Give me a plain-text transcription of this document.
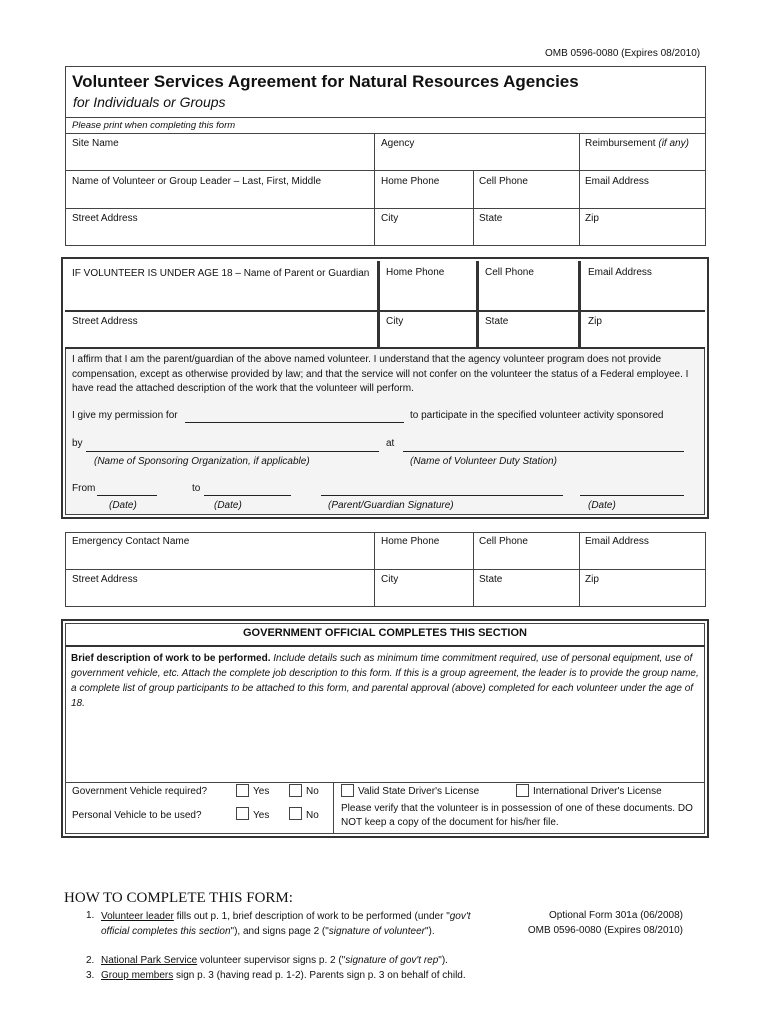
OMB 0596-0080 (Expires 08/2010)
Volunteer Services Agreement for Natural Resources Agencies
for Individuals or Groups
Please print when completing this form
Site Name	Agency	Reimbursement (if any)
Name of Volunteer or Group Leader – Last, First, Middle	Home Phone	Cell Phone	Email Address
Street Address	City	State	Zip
IF VOLUNTEER IS UNDER AGE 18 – Name of Parent or Guardian Home Phone	Cell Phone	Email Address
Street Address	City	State	Zip
I affirm that I am the parent/guardian of the above named volunteer. I understand that the agency volunteer program does not provide compensation, except as otherwise provided by law; and that the service will not confer on the volunteer the status of a Federal employee. I have read the attached description of the work that the volunteer will perform.
I give my permission for	to participate in the specified volunteer activity sponsored
by	at
(Name of Sponsoring Organization, if applicable)	(Name of Volunteer Duty Station)
From	to
(Date)	(Date)	(Parent/Guardian Signature)	(Date)
Emergency Contact Name	Home Phone	Cell Phone	Email Address
Street Address	City	State	Zip
GOVERNMENT OFFICIAL COMPLETES THIS SECTION
Brief description of work to be performed. Include details such as minimum time commitment required, use of personal equipment, use of government vehicle, etc. Attach the complete job description to this form. If this is a group agreement, the leader is to provide the group name, a complete list of group participants to be attached to this form, and parental approval (above) completed for each volunteer under the age of 18.
Government Vehicle required?	Yes	No
Personal Vehicle to be used?	Yes	No
Valid State Driver's License	International Driver's License
Please verify that the volunteer is in possession of one of these documents. DO NOT keep a copy of the document for his/her file.
HOW TO COMPLETE THIS FORM:
1. Volunteer leader fills out p. 1, brief description of work to be performed (under "gov't official completes this section"), and signs page 2 ("signature of volunteer").
2. National Park Service volunteer supervisor signs p. 2 ("signature of gov't rep").
3. Group members sign p. 3 (having read p. 1-2). Parents sign p. 3 on behalf of child.
Optional Form 301a (06/2008)
OMB 0596-0080 (Expires 08/2010)
